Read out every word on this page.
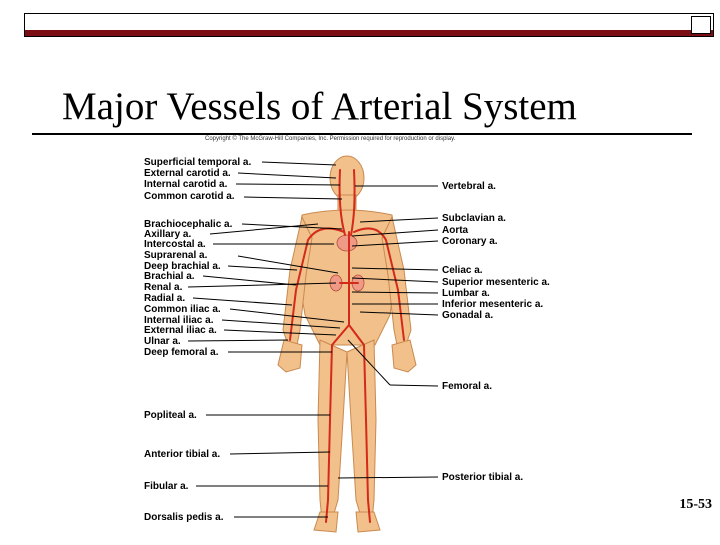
Major Vessels of Arterial System
Copyright © The McGraw-Hill Companies, Inc. Permission required for reproduction or display.
Superficial temporal a.
External carotid a.
Internal carotid a.
Common carotid a.
Brachiocephalic a.
Axillary a.
Intercostal a.
Suprarenal a.
Deep brachial a.
Brachial a.
Renal a.
Radial a.
Common iliac a.
Internal iliac a.
External iliac a.
Ulnar a.
Deep femoral a.
Popliteal a.
Anterior tibial a.
Fibular a.
Dorsalis pedis a.
Vertebral a.
Subclavian a.
Aorta
Coronary a.
Celiac a.
Superior mesenteric a.
Lumbar a.
Inferior mesenteric a.
Gonadal a.
Femoral a.
Posterior tibial a.
15-53
